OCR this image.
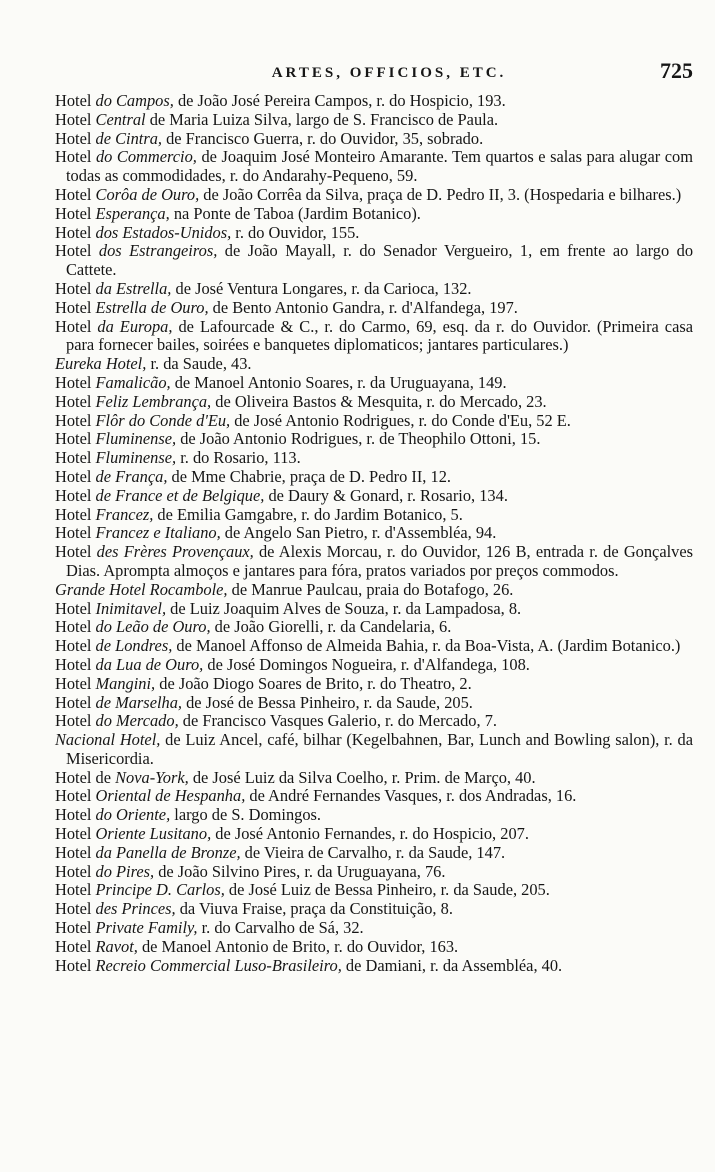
ARTES, OFFICIOS, ETC.	725

Hotel do Campos, de João José Pereira Campos, r. do Hospicio, 193.

Hotel Central de Maria Luiza Silva, largo de S. Francisco de Paula.

Hotel de Cintra, de Francisco Guerra, r. do Ouvidor, 35, sobrado.

Hotel do Commercio, de Joaquim José Monteiro Amarante. Tem quartos e salas para alugar com todas as commodidades, r. do Andarahy-Pequeno, 59.

Hotel Corôa de Ouro, de João Corrêa da Silva, praça de D. Pedro II, 3. (Hospedaria e bilhares.)

Hotel Esperança, na Ponte de Taboa (Jardim Botanico).

Hotel dos Estados-Unidos, r. do Ouvidor, 155.

Hotel dos Estrangeiros, de João Mayall, r. do Senador Vergueiro, 1, em frente ao largo do Cattete.

Hotel da Estrella, de José Ventura Longares, r. da Carioca, 132.

Hotel Estrella de Ouro, de Bento Antonio Gandra, r. d'Alfandega, 197.

Hotel da Europa, de Lafourcade & C., r. do Carmo, 69, esq. da r. do Ouvidor. (Primeira casa para fornecer bailes, soirées e banquetes diplomaticos; jantares particulares.)

Eureka Hotel, r. da Saude, 43.

Hotel Famalicão, de Manoel Antonio Soares, r. da Uruguayana, 149.

Hotel Feliz Lembrança, de Oliveira Bastos & Mesquita, r. do Mercado, 23.

Hotel Flôr do Conde d'Eu, de José Antonio Rodrigues, r. do Conde d'Eu, 52 E.

Hotel Fluminense, de João Antonio Rodrigues, r. de Theophilo Ottoni, 15.

Hotel Fluminense, r. do Rosario, 113.

Hotel de França, de Mme Chabrie, praça de D. Pedro II, 12.

Hotel de France et de Belgique, de Daury & Gonard, r. Rosario, 134.

Hotel Francez, de Emilia Gamgabre, r. do Jardim Botanico, 5.

Hotel Francez e Italiano, de Angelo San Pietro, r. d'Assembléa, 94.

Hotel des Frères Provençaux, de Alexis Morcau, r. do Ouvidor, 126 B, entrada r. de Gonçalves Dias. Aprompta almoços e jantares para fóra, pratos variados por preços commodos.

Grande Hotel Rocambole, de Manrue Paulcau, praia do Botafogo, 26.

Hotel Inimitavel, de Luiz Joaquim Alves de Souza, r. da Lampadosa, 8.

Hotel do Leão de Ouro, de João Giorelli, r. da Candelaria, 6.

Hotel de Londres, de Manoel Affonso de Almeida Bahia, r. da Boa-Vista, A. (Jardim Botanico.)

Hotel da Lua de Ouro, de José Domingos Nogueira, r. d'Alfandega, 108.

Hotel Mangini, de João Diogo Soares de Brito, r. do Theatro, 2.

Hotel de Marselha, de José de Bessa Pinheiro, r. da Saude, 205.

Hotel do Mercado, de Francisco Vasques Galerio, r. do Mercado, 7.

Nacional Hotel, de Luiz Ancel, café, bilhar (Kegelbahnen, Bar, Lunch and Bowling salon), r. da Misericordia.

Hotel de Nova-York, de José Luiz da Silva Coelho, r. Prim. de Março, 40.

Hotel Oriental de Hespanha, de André Fernandes Vasques, r. dos Andradas, 16.

Hotel do Oriente, largo de S. Domingos.

Hotel Oriente Lusitano, de José Antonio Fernandes, r. do Hospicio, 207.

Hotel da Panella de Bronze, de Vieira de Carvalho, r. da Saude, 147.

Hotel do Pires, de João Silvino Pires, r. da Uruguayana, 76.

Hotel Principe D. Carlos, de José Luiz de Bessa Pinheiro, r. da Saude, 205.

Hotel des Princes, da Viuva Fraise, praça da Constituição, 8.

Hotel Private Family, r. do Carvalho de Sá, 32.

Hotel Ravot, de Manoel Antonio de Brito, r. do Ouvidor, 163.

Hotel Recreio Commercial Luso-Brasileiro, de Damiani, r. da Assembléa, 40.
